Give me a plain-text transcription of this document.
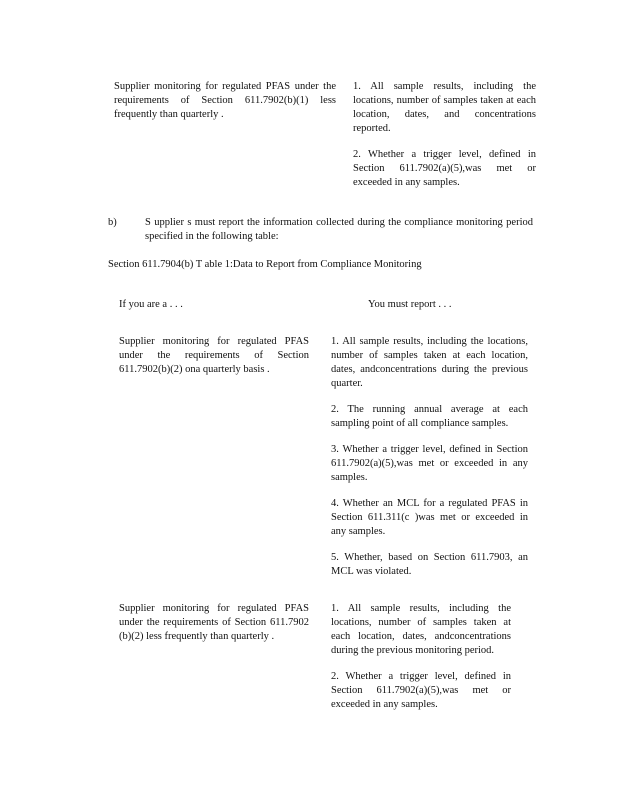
Supplier monitoring for regulated PFAS under the requirements of Section 611.7902(b)(1) less frequently than quarterly .

1. All sample results, including the locations, number of samples taken at each location, dates, and concentrations reported.

2. Whether a trigger level, defined in Section 611.7902(a)(5),was met or exceeded in any samples.

b)	S upplier s must report the information collected during the compliance monitoring period specified in the following table:
Section 611.7904(b) T able 1:Data to Report from Compliance Monitoring
If you are a . . .	You must report . . .

Supplier monitoring for regulated PFAS under the requirements of Section 611.7902(b)(2) ona quarterly basis .

1. All sample results, including the locations, number of samples taken at each location, dates, andconcentrations during the previous quarter.

2. The running annual average at each sampling point of all compliance samples.

3. Whether a trigger level, defined in Section 611.7902(a)(5),was met or exceeded in any samples.

4. Whether an MCL for a regulated PFAS in Section 611.311(c )was met or exceeded in any samples.

5. Whether, based on Section 611.7903, an MCL was violated.

Supplier monitoring for regulated PFAS under the requirements of Section 611.7902 (b)(2) less frequently than quarterly .

1. All sample results, including the locations, number of samples taken at each location, dates, andconcentrations during the previous monitoring period.

2. Whether a trigger level, defined in Section 611.7902(a)(5),was met or exceeded in any samples.
